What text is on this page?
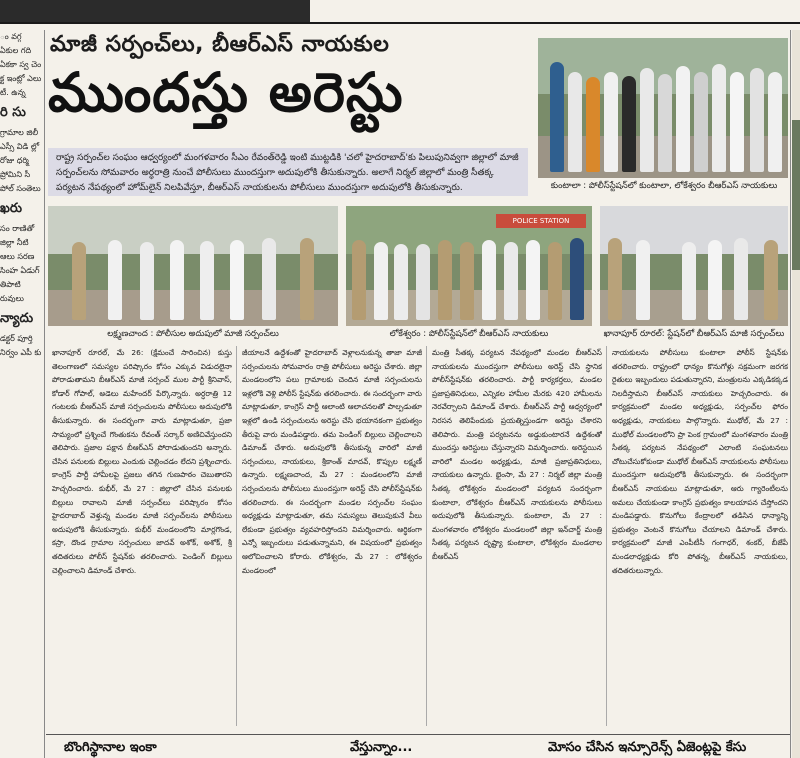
ం వగ్గ ఏకుల గది ఏకకా స్వ చెం క్ట ఇంట్లో ఎలు టీ. ఉన్న
రి సు
గ్రామాల జిలీ ఎస్సీ విడి ల్లో రోజు ధర్మి ప్రోమిని సీ పోల్ సంతెలు
ఖరు
సం రాణితో జిల్లా నీటి ఆలు సరణ సింహ ఏడుగ్ తిపాటి రువులు
న్యాదు
డక్టర్ పూర్తి నిర్వం ఎపీ కు
మాజీ సర్పంచ్‌లు, బీఆర్‌ఎస్‌ నాయకుల
ముందస్తు అరెస్టు
రాష్ట్ర సర్పంచ్‌ల సంఘం ఆధ్వర్యంలో మంగళవారం సీఎం రేవంత్‌రెడ్డి ఇంటి ముట్టడికి 'చలో హైదరాబాద్‌'కు పిలుపునివ్వగా జిల్లాలో మాజీ సర్పంచ్‌లను సోమవారం అర్ధరాత్రి నుంచే పోలీసులు ముందస్తుగా అదుపులోకి తీసుకున్నారు. అలాగే నిర్మల్‌ జిల్లాలో మంత్రి సీతక్క పర్యటన నేపథ్యంలో హోమ్‌లైన్‌ నిలపివేస్తూ, బీఆర్‌ఎస్‌ నాయకులను పోలీసులు ముందస్తుగా అదుపులోకి తీసుకున్నారు.	కుంటాలా : పోలీస్‌స్టేషన్‌లో కుంటాలా, లోకేశ్వరం బీఆర్‌ఎస్‌ నాయకులు
లక్ష్మణచాంద : పోలీసుల అదుపులో మాజీ సర్పంచ్‌లు
POLICE STATION
లోకేశ్వరం : పోలీస్‌స్టేషన్‌లో బీఆర్‌ఎస్‌ నాయకులు	ఖానాపూర్‌ రూరల్‌: స్టేషన్‌లో బీఆర్‌ఎస్‌ మాజీ సర్పంచ్‌లు
ఖానాపూర్‌ రూరల్‌, మే 26: (క్షేమంచే సారించిన) కుస్తు తెలంగాణలో సమస్యల పరిష్కారం కోసం ఎక్కువ విడుదలైనా పోరాడుతామని బీఆర్‌ఎస్‌ మాజీ సర్పంచ్‌ ముల పార్టీ శ్రీనివాస్‌, కోడార్ గోపాల్‌, అడెలు మహేందర్‌ పేర్కొన్నారు. అర్ధరాత్రి 12 గంటలకు బీఆర్‌ఎస్‌ మాజీ సర్పంచులను పోలీసులు అదుపులోకి తీసుకున్నారు. ఈ సందర్భంగా వారు మాట్లాడుతూ, ప్రజా సామ్యంలో ప్రశ్నించే గొంతుకను రేవంత్‌ సర్కార్‌ అణిచివేస్తుందని తెలిపారు. ప్రజాల పక్షాన బీఆర్‌ఎస్‌ పోరాడుతుందని అన్నారు. చేసిన పనులకు బిల్లులు ఎందుకు చెల్లించడం లేదని ప్రశ్నించారు. కాంగ్రెస్‌ పార్టీ హామీలపై ప్రజలు తగిన గుణపాఠం చెబుతారని హెచ్చరించారు. కుభీర్‌, మే 27 : జిల్లాలో చేసిన పనులకు బిల్లులు రావాలని మాజీ సర్పంచ్‌లు పరిష్కారం కోసం హైదరాబాద్‌ వెళ్తున్న మండల మాజీ సర్పంచ్‌లను పోలీసులు అదుపులోకి తీసుకున్నారు. కుభీర్‌ మండలంలోని మార్లగొండ, కస్రా, దొండ గ్రామాల సర్పంచులు జాదవ్‌ అశోక్‌, అశోక్‌, శ్రీ తదితరులు పోలీస్‌ స్టేషన్‌కు తరలించారు. పెండింగ్‌ బిల్లులు చెల్లించాలని డిమాండ్‌ చేశారు.
జీయాలనే ఉద్దేశంతో హైదరాబాద్‌ వెళ్లాలనుకున్న తాజా మాజీ సర్పంచులను సోమవారం రాత్రి పోలీసులు అరెస్టు చేశారు. జిల్లా మండలంలోని పలు గ్రామాలకు చెందిన మాజీ సర్పంచులను ఇళ్లలోకి వెళ్లి పోలీస్‌ స్టేషన్‌కు తరలించారు. ఈ సందర్భంగా వారు మాట్లాడుతూ, కాంగ్రెస్‌ పార్టీ ఆలాంటి ఆలాచనలతో పాల్పడుతూ ఇళ్లలో ఉండి సర్పంచులను అరెస్టు చేసి భయానకంగా ప్రభుత్వం తీరుపై వారు మండిపడ్డారు. తమ పెండింగ్‌ బిల్లులు చెల్లించాలని డిమాండ్‌ చేశారు. అదుపులోకి తీసుకున్న వారిలో మాజీ సర్పంచులు, నాయకులు, శ్రీకాంత్‌ మాదవ్‌, కొప్పుల లక్ష్మణ్‌ ఉన్నారు. లక్ష్మణచాంద, మే 27 : మండలంలోని మాజీ సర్పంచులను పోలీసులు ముందస్తుగా అరెస్ట్‌ చేసి పోలీస్‌స్టేషన్‌కు తరలించారు. ఈ సందర్భంగా మండల సర్పంచ్‌ల సంఘం అధ్యక్షుడు మాట్లాడుతూ, తమ సమస్యలు తెలుపుకునే వీలు లేకుండా ప్రభుత్వం వ్యవహరిస్తోందని విమర్శించారు. ఆర్థికంగా ఎన్నో ఇబ్బందులు పడుతున్నామని, ఈ విషయంలో ప్రభుత్వం ఆలోచించాలని కోరారు. లోకేశ్వరం, మే 27 : లోకేశ్వరం మండలంలో
మంత్రి సీతక్క పర్యటన నేపథ్యంలో మండల బీఆర్‌ఎస్‌ నాయకులను ముందస్తుగా పోలీసులు అరెస్ట్‌ చేసి స్థానిక పోలీస్‌స్టేషన్‌కు తరలించారు. పార్టీ కార్యకర్తలు, మండల ప్రజాప్రతినిధులు, ఎన్నికల హామీల మేరకు 420 హామీలను నెరవేర్చాలని డిమాండ్‌ చేశారు. బీఆర్‌ఎస్‌ పార్టీ ఆధ్వర్యంలో నిరసన తెలిపేందుకు ప్రయత్నిస్తుండగా అరెస్టు చేశారని తెలిపారు. మంత్రి పర్యటనను అడ్డుకుంటారనే ఉద్దేశంతో ముందస్తు అరెస్టులు చేస్తున్నారని విమర్శించారు. అరెస్టయిన వారిలో మండల అధ్యక్షుడు, మాజీ ప్రజాప్రతినిధులు, నాయకులు ఉన్నారు. భైంసా, మే 27 : నిర్మల్‌ జిల్లా మంత్రి సీతక్క లోకేశ్వరం మండలంలో పర్యటన సందర్భంగా కుంటాలా, లోకేశ్వరం బీఆర్‌ఎస్‌ నాయకులను పోలీసులు అదుపులోకి తీసుకున్నారు. కుంటాలా, మే 27 : మంగళవారం లోకేశ్వరం మండలంలో జిల్లా ఇన్‌చార్జ్‌ మంత్రి సీతక్క పర్యటన దృష్ట్యా కుంటాలా, లోకేశ్వరం మండలాల బీఆర్‌ఎస్‌
నాయకులను పోలీసులు కుంటాలా పోలీస్‌ స్టేషన్‌కు తరలించారు. రాష్ట్రంలో ధాన్యం కొనుగోళ్లు సక్రమంగా జరగక రైతులు ఇబ్బందులు పడుతున్నారని, మంత్రులను ఎక్కడికక్కడ నిలదీస్తామని బీఆర్‌ఎస్‌ నాయకులు హెచ్చరించారు. ఈ కార్యక్రమంలో మండల అధ్యక్షుడు, సర్పంచ్‌ల ఫోరం అధ్యక్షుడు, నాయకులు పాల్గొన్నారు. ముథోల్‌, మే 27 : ముథోల్‌ మండలంలోని ప్రా పెంక గ్రామంలో మంగళవారం మంత్రి సీతక్క పర్యటన నేపథ్యంలో ఎలాంటి సంఘటనలు చోటుచేసుకోకుండా ముథోల్‌ బీఆర్‌ఎస్‌ నాయకులను పోలీసులు ముందస్తుగా అదుపులోకి తీసుకున్నారు. ఈ సందర్భంగా బీఆర్‌ఎస్‌ నాయకులు మాట్లాడుతూ, ఆరు గ్యారెంటీలను అమలు చేయకుండా కాంగ్రెస్‌ ప్రభుత్వం కాలయాపన చేస్తోందని మండిపడ్డారు. కొనుగోలు కేంద్రాలలో తడిసిన ధాన్యాన్ని ప్రభుత్వం వెంటనే కొనుగోలు చేయాలని డిమాండ్‌ చేశారు. కార్యక్రమంలో మాజీ ఎంపీటీసీ గంగాధర్‌, శంకర్‌, బీజేపీ మండలాధ్యక్షుడు కోరి పోతన్న, బీఆర్‌ఎస్‌ నాయకులు, తదితరులున్నారు.
బొంగిస్థానాల ఇంకా	వేస్తున్నాం...	మోసం చేసిన ఇన్సూరెన్స్‌ ఏజెంట్లపై కేసు
